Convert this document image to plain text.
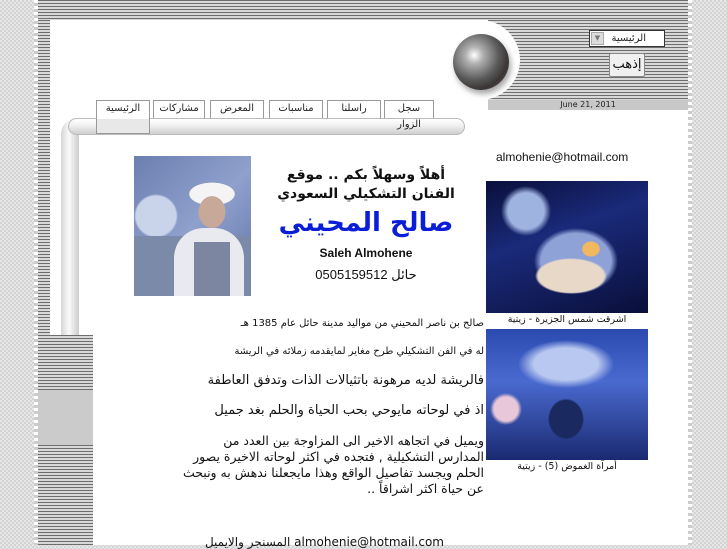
الرئيسية
▼
إذهب
June 21, 2011
الرئيسية	مشاركات	المعرض	مناسبات	راسلنا	سجل الزوار
أهلاً وسهلاً بكم .. موقع
الفنان التشكيلي السعودي
صالح المحيني
Saleh Almohene
حائل 0505159512
صالح بن ناصر المحيني من مواليد مدينة حائل عام 1385 هـ
له في الفن التشكيلي طرح مغاير لمايقدمه زملائه في الريشة
فالريشة لديه مرهونة باتثيالات الذات وتدفق العاطفة
اذ في لوحاته مايوحي بحب الحياة والحلم بغد جميل
ويميل في اتجاهه الاخير الى المزاوجة بين العدد من المدارس التشكيلية , فتجده في اكثر لوحاته الاخيرة يصور الحلم ويجسد تفاصيل الواقع وهذا مايجعلنا ندهش به ونبحث عن حياة اكثر اشراقاً ..
almohenie@hotmail.com المسنجر والايميل
almohenie@hotmail.com
اشرقت شمس الجزيرة - زيتية
أمرآة الغموض (5) - زيتية
